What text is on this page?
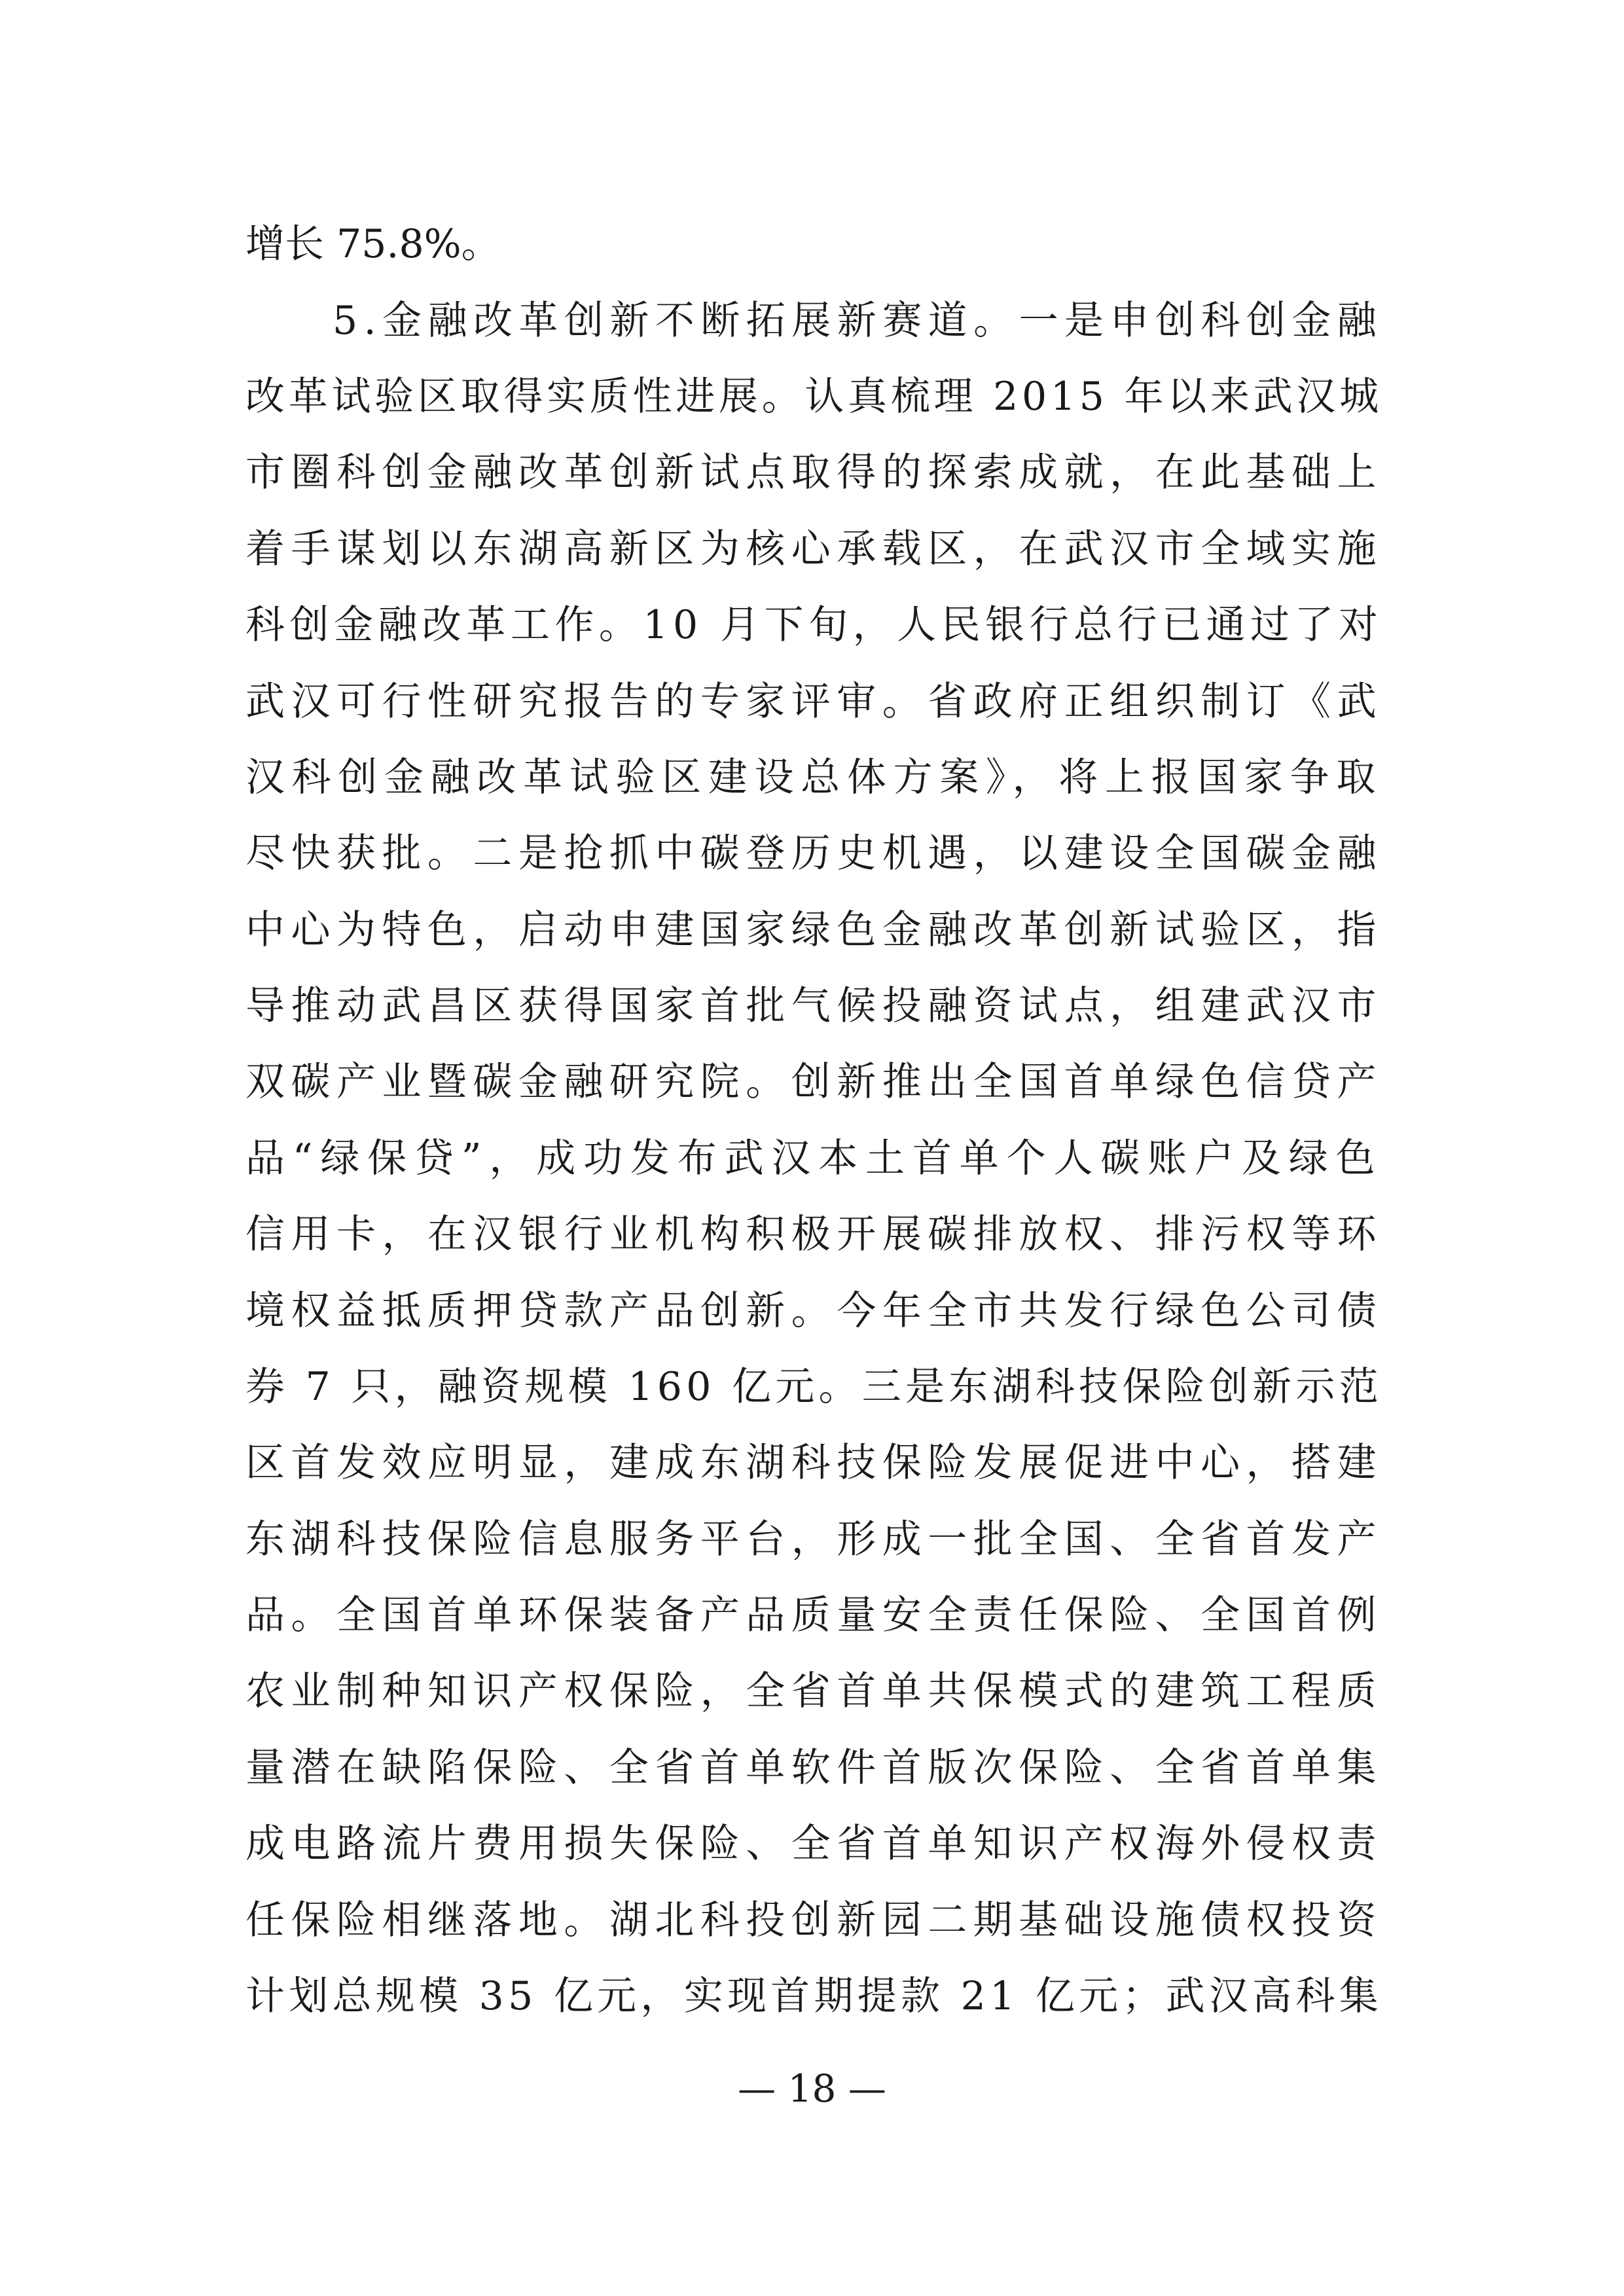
增长 75.8%。

5.金融改革创新不断拓展新赛道。一是申创科创金融

改革试验区取得实质性进展。认真梳理 2015 年以来武汉城

市圈科创金融改革创新试点取得的探索成就，在此基础上

着手谋划以东湖高新区为核心承载区，在武汉市全域实施

科创金融改革工作。10 月下旬，人民银行总行已通过了对

武汉可行性研究报告的专家评审。省政府正组织制订《武

汉科创金融改革试验区建设总体方案》，将上报国家争取

尽快获批。二是抢抓中碳登历史机遇，以建设全国碳金融

中心为特色，启动申建国家绿色金融改革创新试验区，指

导推动武昌区获得国家首批气候投融资试点，组建武汉市

双碳产业暨碳金融研究院。创新推出全国首单绿色信贷产

品“绿保贷”，成功发布武汉本土首单个人碳账户及绿色

信用卡，在汉银行业机构积极开展碳排放权、排污权等环

境权益抵质押贷款产品创新。今年全市共发行绿色公司债

券 7 只，融资规模 160 亿元。三是东湖科技保险创新示范

区首发效应明显，建成东湖科技保险发展促进中心，搭建

东湖科技保险信息服务平台，形成一批全国、全省首发产

品。全国首单环保装备产品质量安全责任保险、全国首例

农业制种知识产权保险，全省首单共保模式的建筑工程质

量潜在缺陷保险、全省首单软件首版次保险、全省首单集

成电路流片费用损失保险、全省首单知识产权海外侵权责

任保险相继落地。湖北科投创新园二期基础设施债权投资

计划总规模 35 亿元，实现首期提款 21 亿元；武汉高科集

— 18 —
